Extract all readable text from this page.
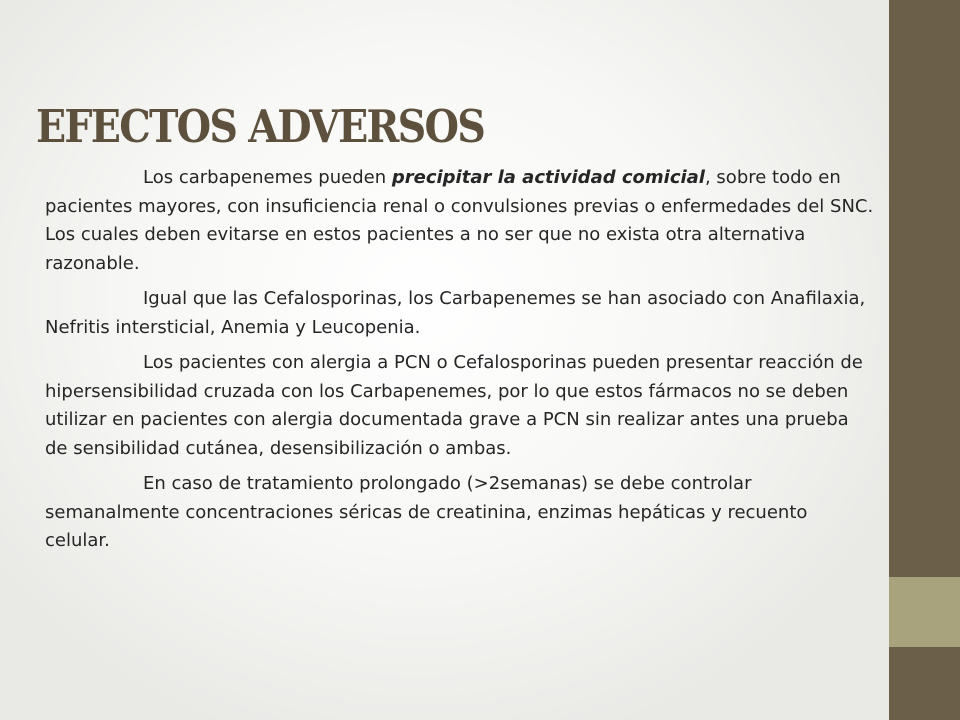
EFECTOS ADVERSOS

Los carbapenemes pueden precipitar la actividad comicial, sobre todo en pacientes mayores, con insuficiencia renal o convulsiones previas o enfermedades del SNC. Los cuales deben evitarse en estos pacientes a no ser que no exista otra alternativa razonable.

Igual que las Cefalosporinas, los Carbapenemes se han asociado con Anafilaxia, Nefritis intersticial, Anemia y Leucopenia.

Los pacientes con alergia a PCN o Cefalosporinas pueden presentar reacción de hipersensibilidad cruzada con los Carbapenemes, por lo que estos fármacos no se deben utilizar en pacientes con alergia documentada grave a PCN sin realizar antes una prueba de sensibilidad cutánea, desensibilización o ambas.

En caso de tratamiento prolongado (>2semanas) se debe controlar semanalmente concentraciones séricas de creatinina, enzimas hepáticas y recuento celular.
